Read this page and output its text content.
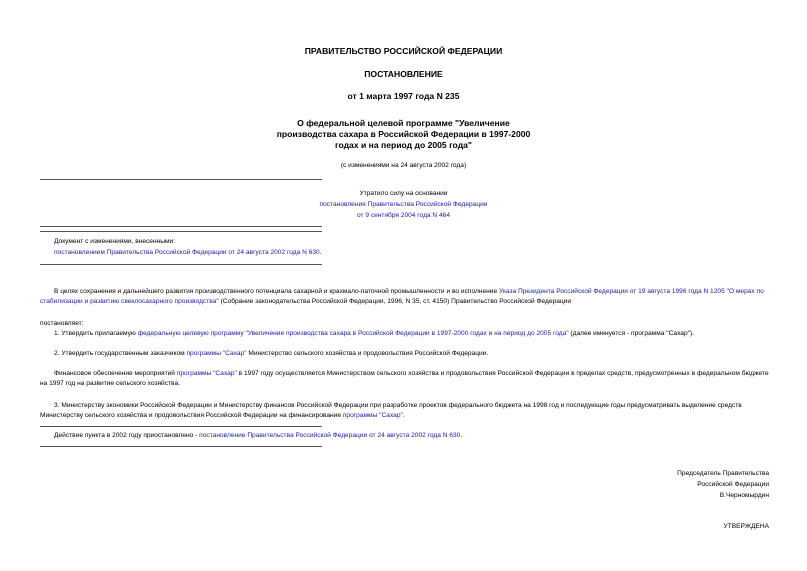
ПРАВИТЕЛЬСТВО РОССИЙСКОЙ ФЕДЕРАЦИИ

ПОСТАНОВЛЕНИЕ

от 1 марта 1997 года N 235

О федеральной целевой программе "Увеличение
производства сахара в Российской Федерации в 1997-2000
годах и на период до 2005 года"

(с изменениями на 24 августа 2002 года)

Утратило силу на основании

постановления Правительства Российской Федерации

от 9 сентября 2004 года N 464

Документ с изменениями, внесенными:

постановлением Правительства Российской Федерации от 24 августа 2002 года N 630.

В целях сохранения и дальнейшего развития производственного потенциала сахарной и крахмало-паточной промышленности и во исполнение Указа Президента Российской Федерации от 19 августа 1996 года N 1205 "О мерах по стабилизации и развитию свеклосахарного производства" (Собрание законодательства Российской Федерации, 1996, N 35, ст. 4150) Правительство Российской Федерации

постановляет:

1. Утвердить прилагаемую федеральную целевую программу "Увеличение производства сахара в Российской Федерации в 1997-2000 годах и на период до 2005 года" (далее именуется - программа "Сахар").

2. Утвердить государственным заказчиком программы "Сахар" Министерство сельского хозяйства и продовольствия Российской Федерации.

Финансовое обеспечение мероприятий программы "Сахар" в 1997 году осуществляется Министерством сельского хозяйства и продовольствия Российской Федерации в пределах средств, предусмотренных в федеральном бюджете на 1997 год на развитие сельского хозяйства.

3. Министерству экономики Российской Федерации и Министерству финансов Российской Федерации при разработке проектов федерального бюджета на 1998 год и последующие годы предусматривать выделение средств Министерству сельского хозяйства и продовольствия Российской Федерации на финансирование программы "Сахар".

Действие пункта в 2002 году приостановлено - постановление Правительства Российской Федерации от 24 августа 2002 года N 630.

Председатель Правительства
Российской Федерации
В.Черномырдин

УТВЕРЖДЕНА
